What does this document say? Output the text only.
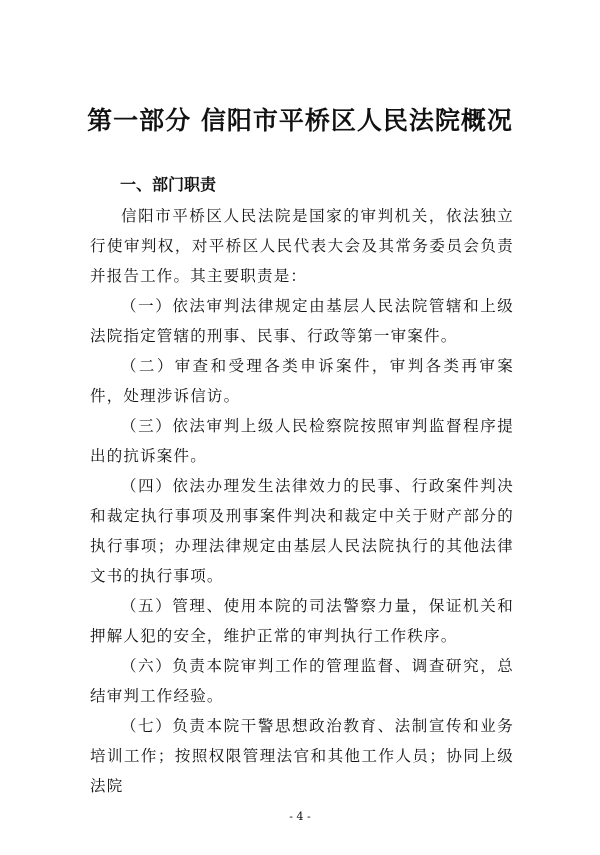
第一部分 信阳市平桥区人民法院概况
一、部门职责

信阳市平桥区人民法院是国家的审判机关，依法独立行使审判权，对平桥区人民代表大会及其常务委员会负责并报告工作。其主要职责是：

（一）依法审判法律规定由基层人民法院管辖和上级法院指定管辖的刑事、民事、行政等第一审案件。

（二）审查和受理各类申诉案件，审判各类再审案件，处理涉诉信访。

（三）依法审判上级人民检察院按照审判监督程序提出的抗诉案件。

（四）依法办理发生法律效力的民事、行政案件判决和裁定执行事项及刑事案件判决和裁定中关于财产部分的执行事项；办理法律规定由基层人民法院执行的其他法律文书的执行事项。

（五）管理、使用本院的司法警察力量，保证机关和押解人犯的安全，维护正常的审判执行工作秩序。

（六）负责本院审判工作的管理监督、调查研究，总结审判工作经验。

（七）负责本院干警思想政治教育、法制宣传和业务培训工作；按照权限管理法官和其他工作人员；协同上级法院

- 4 -
